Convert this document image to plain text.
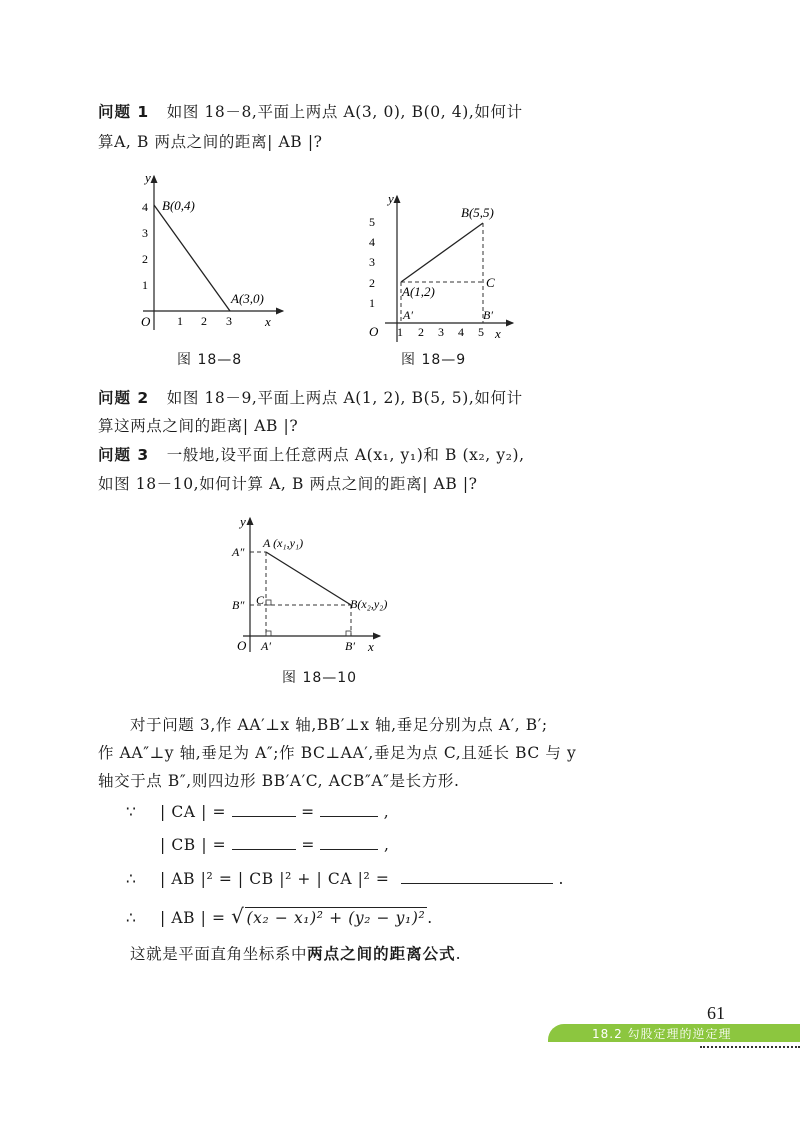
问题 1 如图 18－8,平面上两点 A(3, 0), B(0, 4),如何计
算A, B 两点之间的距离| AB |?
y
x
O 1 2 3
1
2
3
4 B(0,4)
A(3,0)
图 18—8
y
x
O 1 2 3 4 5
1
2
3
4
5
B(5,5)
A(1,2)
C
A′	B′
图 18—9
问题 2 如图 18－9,平面上两点 A(1, 2), B(5, 5),如何计
算这两点之间的距离| AB |?
问题 3 一般地,设平面上任意两点 A(x₁, y₁)和 B (x₂, y₂),
如图 18－10,如何计算 A, B 两点之间的距离| AB |?
y
x
O
A (x₁,y₁)
B(x₂,y₂)
C
A″
B″
A′	B′
图 18—10
对于问题 3,作 AA′⊥x 轴,BB′⊥x 轴,垂足分别为点 A′, B′;
作 AA″⊥y 轴,垂足为 A″;作 BC⊥AA′,垂足为点 C,且延长 BC 与 y
轴交于点 B″,则四边形 BB′A′C, ACB″A″是长方形.
∵ | CA | =	=	,
| CB | =	=	,
∴ | AB |² = | CB |² + | CA |² =	.
∴ | AB | = √ (x₂ − x₁)² + (y₂ − y₁)² .
这就是平面直角坐标系中两点之间的距离公式.
61
18.2 勾股定理的逆定理
